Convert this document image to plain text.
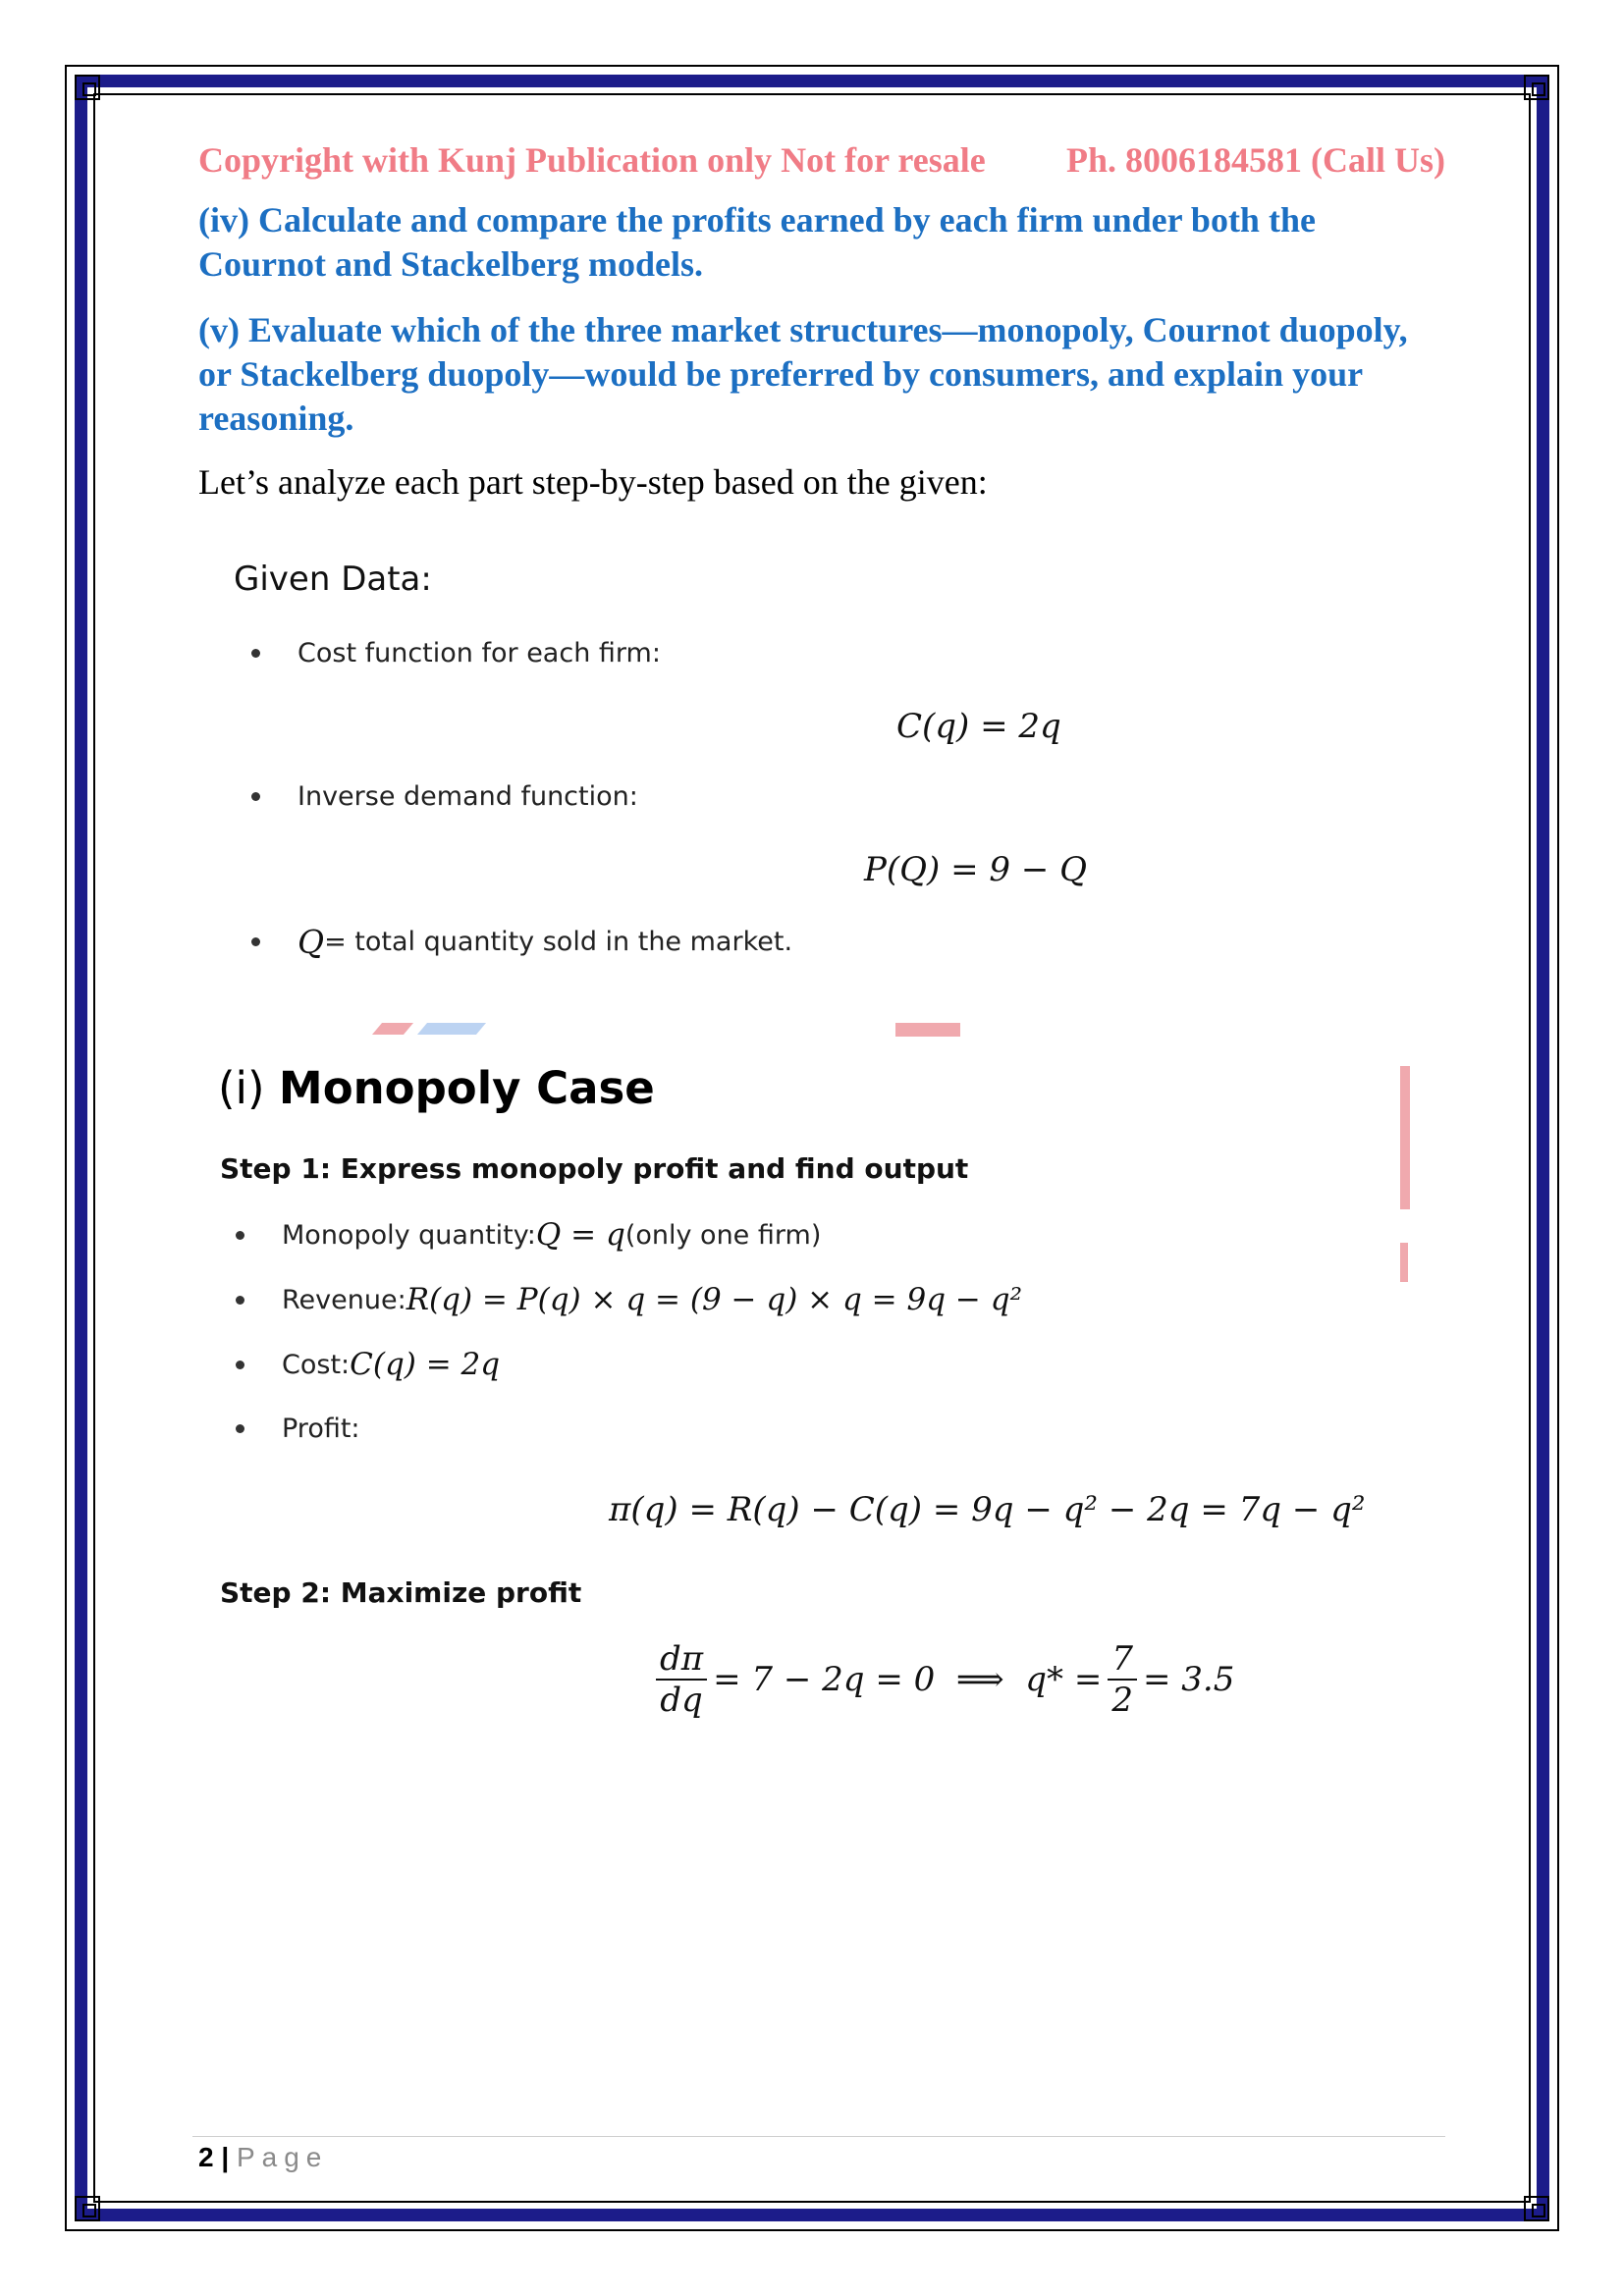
Copyright with Kunj Publication only Not for resale Ph. 8006184581 (Call Us)
(iv) Calculate and compare the profits earned by each firm under both the Cournot and Stackelberg models.
(v) Evaluate which of the three market structures—monopoly, Cournot duopoly, or Stackelberg duopoly—would be preferred by consumers, and explain your reasoning.
Let’s analyze each part step-by-step based on the given:
Given Data:
Cost function for each firm:
C(q) = 2q
Inverse demand function:
P(Q) = 9 − Q
Q = total quantity sold in the market.
(i) Monopoly Case
Step 1: Express monopoly profit and find output
Monopoly quantity: Q = q (only one firm)
Revenue: R(q) = P(q) × q = (9 − q) × q = 9q − q²
Cost: C(q) = 2q
Profit:
π(q) = R(q) − C(q) = 9q − q² − 2q = 7q − q²
Step 2: Maximize profit
$\frac{d\pi}{dq} = 7 - 2q = 0$  ⟹  $q* = \frac{7}{2} = 3.5$
2 | Page
